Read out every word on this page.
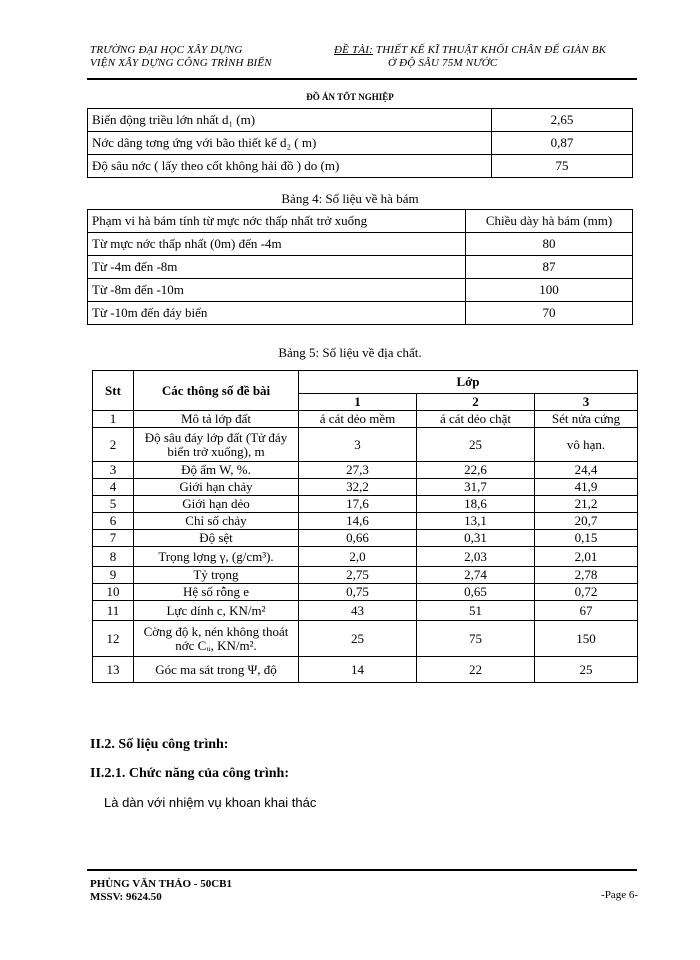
TRƯỜNG ĐẠI HỌC XÂY DỰNG
VIỆN XÂY DỰNG CÔNG TRÌNH BIỂN
ĐỀ TÀI: THIẾT KẾ KĨ THUẬT KHỐI CHÂN ĐẾ GIÀN BK
Ở ĐỘ SÂU 75M NƯỚC
ĐỒ ÁN TỐT NGHIỆP
Biến động triều lớn nhất d₁ (m)	2,65
Nớc dâng tơng ứng với bão thiết kế d₂ ( m)	0,87
Độ sâu nớc ( lấy theo cốt không hải đồ ) do (m)	75
Bảng 4: Số liệu về hà bám
Phạm vi hà bám tính từ mực nớc thấp nhất trở xuống	Chiều dày hà bám (mm)
Từ mực nớc thấp nhất (0m) đến -4m	80
Từ -4m đến -8m	87
Từ -8m đến -10m	100
Từ -10m đến đáy biển	70
Bảng 5: Số liệu về địa chất.
Stt	Các thông số đề bài	Lớp		
		1	2	3
1	Mô tả lớp đất	á cát dẻo mềm	á cát dẻo chặt	Sét nửa cứng
2	Độ sâu đáy lớp đất (Tử đáy biển trở xuống), m	3	25	vô hạn.
3	Độ ẩm W, %.	27,3	22,6	24,4
4	Giới hạn chảy	32,2	31,7	41,9
5	Giới hạn dẻo	17,6	18,6	21,2
6	Chỉ số chảy	14,6	13,1	20,7
7	Độ sệt	0,66	0,31	0,15
8	Trọng lợng γ, (g/cm³).	2,0	2,03	2,01
9	Tỷ trọng	2,75	2,74	2,78
10	Hệ số rỗng e	0,75	0,65	0,72
11	Lực dính c, KN/m²	43	51	67
12	Cờng độ k, nén không thoát nớc Cᵤ, KN/m².	25	75	150
13	Góc ma sát trong Ψ, độ	14	22	25
II.2. Số liệu công trình:
II.2.1. Chức năng của công trình:
Là dàn với nhiệm vụ khoan khai thác
PHÙNG VĂN THẢO - 50CB1
MSSV: 9624.50	-Page 6-
